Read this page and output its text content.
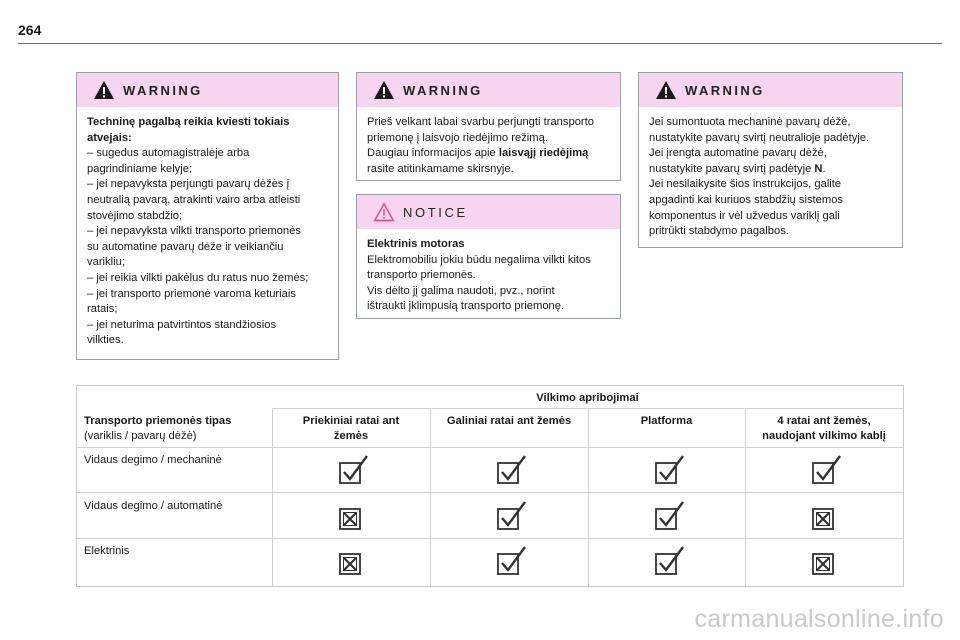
264
WARNING

Techninę pagalbą reikia kviesti tokiais atvejais:

– sugedus automagistralėje arba
pagrindiniame kelyje;
– jei nepavyksta perjungti pavarų dėžės į
neutralią pavarą, atrakinti vairo arba atleisti
stovėjimo stabdžio;
– jei nepavyksta vilkti transporto priemonės
su automatine pavarų dėže ir veikiančiu
varikliu;
– jei reikia vilkti pakėlus du ratus nuo žemės;
– jei transporto priemonė varoma keturiais
ratais;
– jei neturima patvirtintos standžiosios
vilkties.
WARNING
Prieš velkant labai svarbu perjungti transporto
priemonę į laisvojo riedėjimo režimą.
Daugiau informacijos apie laisvąjį riedėjimą
rasite atitinkamame skirsnyje.
NOTICE

Elektrinis motoras

Elektromobiliu jokiu būdu negalima vilkti kitos
transporto priemonės.
Vis dėlto jį galima naudoti, pvz., norint
ištraukti įklimpusią transporto priemonę.
WARNING
Jei sumontuota mechaninė pavarų dėžė,
nustatykite pavarų svirtį neutralioje padėtyje.
Jei įrengta automatinė pavarų dėžė,
nustatykite pavarų svirtį padėtyje N.
Jei nesilaikysite šios instrukcijos, galite
apgadinti kai kuriuos stabdžių sistemos
komponentus ir vėl užvedus variklį gali
pritrūkti stabdymo pagalbos.
Vilkimo apribojimai
Transporto priemonės tipas
(variklis / pavarų dėžė)
Priekiniai ratai ant
žemės
Galiniai ratai ant žemės	Platforma	4 ratai ant žemės,
naudojant vilkimo kablį
Vidaus degimo / mechaninė
Vidaus degimo / automatinė
Elektrinis
carmanualsonline.info
